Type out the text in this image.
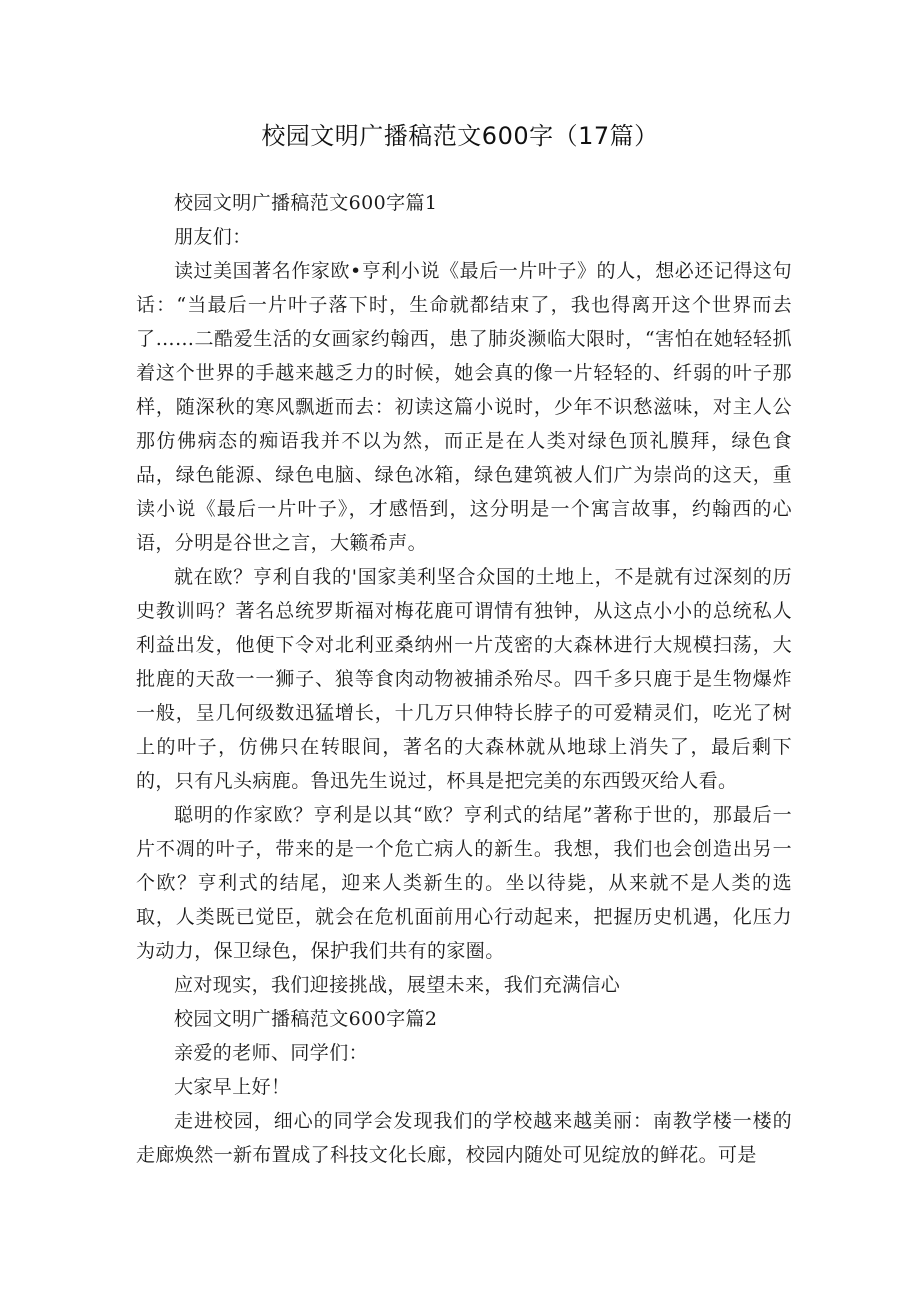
校园文明广播稿范文600字（17篇）

校园文明广播稿范文600字篇1

朋友们：

读过美国著名作家欧•亨利小说《最后一片叶子》的人，想必还记得这句话：“当最后一片叶子落下时，生命就都结束了，我也得离开这个世界而去了……二酷爱生活的女画家约翰西，患了肺炎濒临大限时，“害怕在她轻轻抓着这个世界的手越来越乏力的时候，她会真的像一片轻轻的、纤弱的叶子那样，随深秋的寒风飘逝而去：初读这篇小说时，少年不识愁滋味，对主人公那仿佛病态的痴语我并不以为然，而正是在人类对绿色顶礼膜拜，绿色食品，绿色能源、绿色电脑、绿色冰箱，绿色建筑被人们广为崇尚的这天，重读小说《最后一片叶子》，才感悟到，这分明是一个寓言故事，约翰西的心语，分明是谷世之言，大籁希声。

就在欧？亨利自我的'国家美利坚合众国的土地上，不是就有过深刻的历史教训吗？著名总统罗斯福对梅花鹿可谓情有独钟，从这点小小的总统私人利益出发，他便下令对北利亚桑纳州一片茂密的大森林进行大规模扫荡，大批鹿的天敌一一狮子、狼等食肉动物被捕杀殆尽。四千多只鹿于是生物爆炸一般，呈几何级数迅猛增长，十几万只伸特长脖子的可爱精灵们，吃光了树上的叶子，仿佛只在转眼间，著名的大森林就从地球上消失了，最后剩下的，只有凡头病鹿。鲁迅先生说过，杯具是把完美的东西毁灭给人看。

聪明的作家欧？亨利是以其“欧？亨利式的结尾”著称于世的，那最后一片不凋的叶子，带来的是一个危亡病人的新生。我想，我们也会创造出另一个欧？亨利式的结尾，迎来人类新生的。坐以待毙，从来就不是人类的选取，人类既已觉臣，就会在危机面前用心行动起来，把握历史机遇，化压力为动力，保卫绿色，保护我们共有的家圈。

应对现实，我们迎接挑战，展望未来，我们充满信心

校园文明广播稿范文600字篇2

亲爱的老师、同学们：

大家早上好！

走进校园，细心的同学会发现我们的学校越来越美丽：南教学楼一楼的走廊焕然一新布置成了科技文化长廊，校园内随处可见绽放的鲜花。可是
